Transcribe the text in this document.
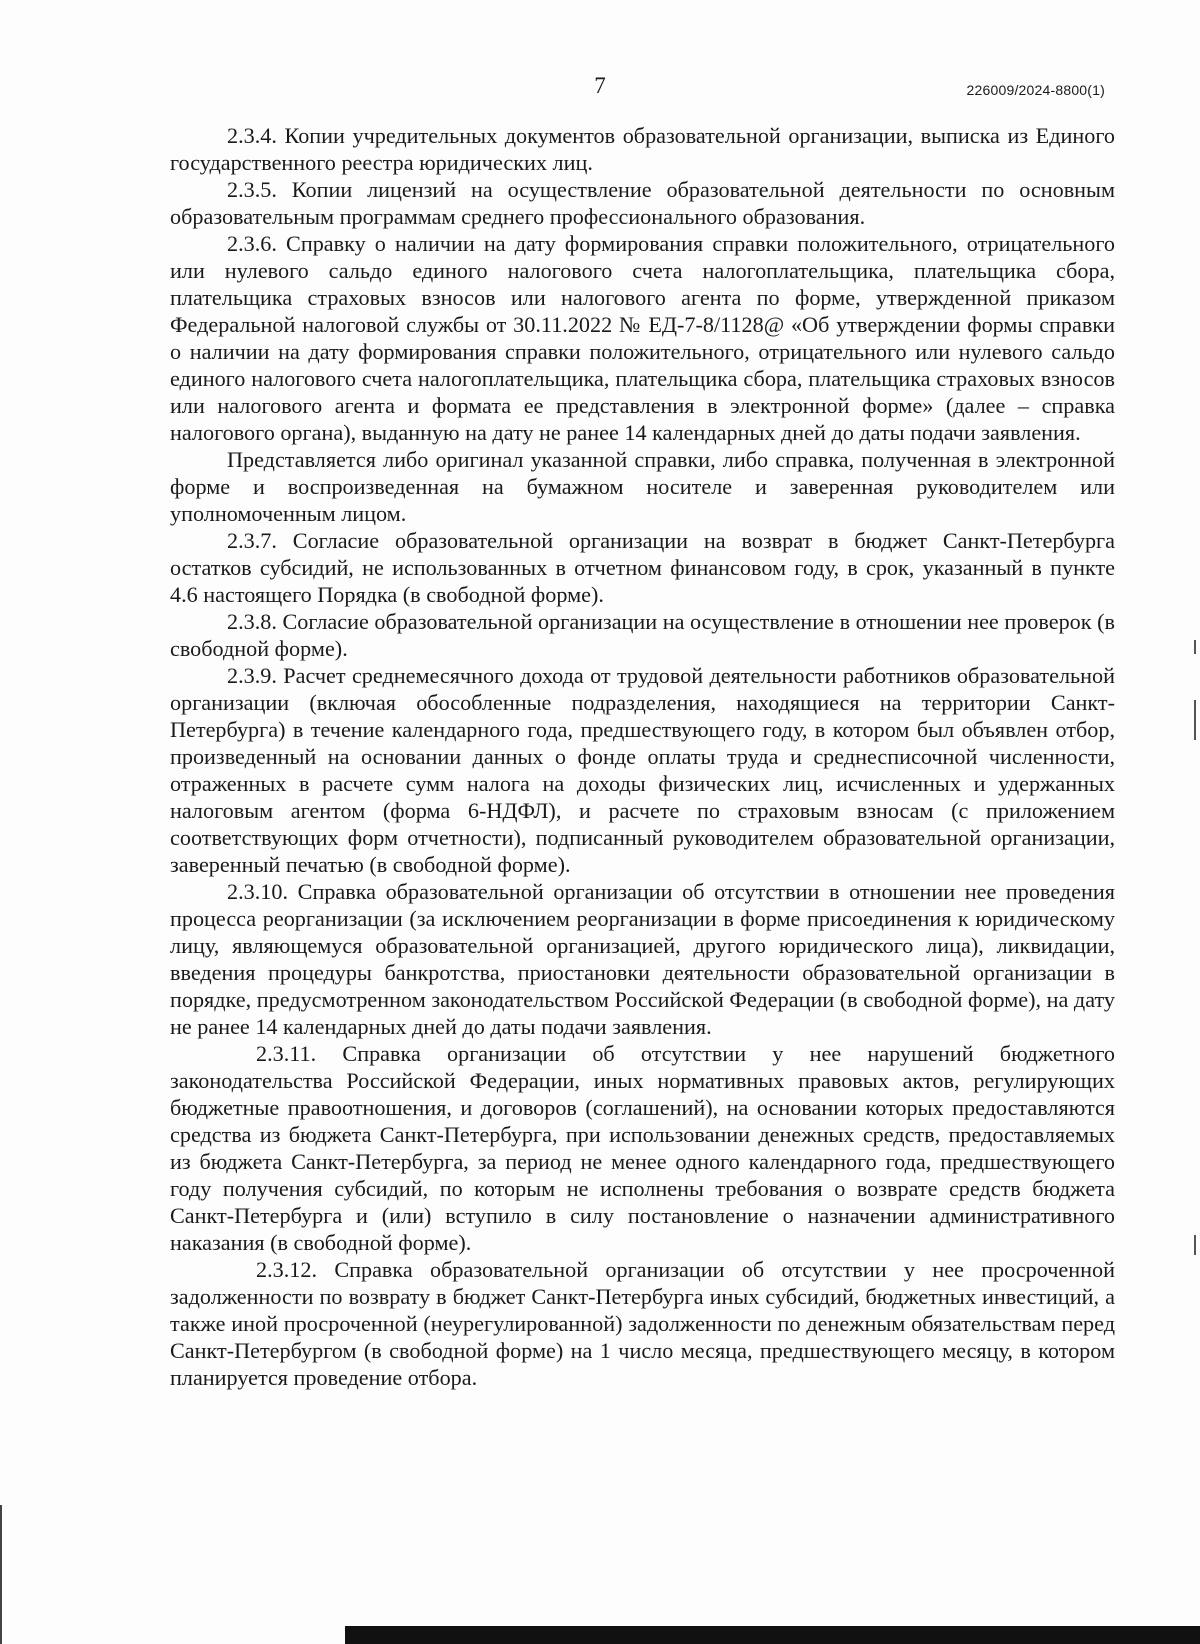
7	226009/2024-8800(1)

2.3.4. Копии учредительных документов образовательной организации, выписка из Единого государственного реестра юридических лиц.

2.3.5. Копии лицензий на осуществление образовательной деятельности по основным образовательным программам среднего профессионального образования.

2.3.6. Справку о наличии на дату формирования справки положительного, отрицательного или нулевого сальдо единого налогового счета налогоплательщика, плательщика сбора, плательщика страховых взносов или налогового агента по форме, утвержденной приказом Федеральной налоговой службы от 30.11.2022 № ЕД-7-8/1128@ «Об утверждении формы справки о наличии на дату формирования справки положительного, отрицательного или нулевого сальдо единого налогового счета налогоплательщика, плательщика сбора, плательщика страховых взносов или налогового агента и формата ее представления в электронной форме» (далее – справка налогового органа), выданную на дату не ранее 14 календарных дней до даты подачи заявления.

Представляется либо оригинал указанной справки, либо справка, полученная в электронной форме и воспроизведенная на бумажном носителе и заверенная руководителем или уполномоченным лицом.

2.3.7. Согласие образовательной организации на возврат в бюджет Санкт-Петербурга остатков субсидий, не использованных в отчетном финансовом году, в срок, указанный в пункте 4.6 настоящего Порядка (в свободной форме).

2.3.8. Согласие образовательной организации на осуществление в отношении нее проверок (в свободной форме).

2.3.9. Расчет среднемесячного дохода от трудовой деятельности работников образовательной организации (включая обособленные подразделения, находящиеся на территории Санкт-Петербурга) в течение календарного года, предшествующего году, в котором был объявлен отбор, произведенный на основании данных о фонде оплаты труда и среднесписочной численности, отраженных в расчете сумм налога на доходы физических лиц, исчисленных и удержанных налоговым агентом (форма 6-НДФЛ), и расчете по страховым взносам (с приложением соответствующих форм отчетности), подписанный руководителем образовательной организации, заверенный печатью (в свободной форме).

2.3.10. Справка образовательной организации об отсутствии в отношении нее проведения процесса реорганизации (за исключением реорганизации в форме присоединения к юридическому лицу, являющемуся образовательной организацией, другого юридического лица), ликвидации, введения процедуры банкротства, приостановки деятельности образовательной организации в порядке, предусмотренном законодательством Российской Федерации (в свободной форме), на дату не ранее 14 календарных дней до даты подачи заявления.

2.3.11. Справка организации об отсутствии у нее нарушений бюджетного законодательства Российской Федерации, иных нормативных правовых актов, регулирующих бюджетные правоотношения, и договоров (соглашений), на основании которых предоставляются средства из бюджета Санкт-Петербурга, при использовании денежных средств, предоставляемых из бюджета Санкт-Петербурга, за период не менее одного календарного года, предшествующего году получения субсидий, по которым не исполнены требования о возврате средств бюджета Санкт-Петербурга и (или) вступило в силу постановление о назначении административного наказания (в свободной форме).

2.3.12. Справка образовательной организации об отсутствии у нее просроченной задолженности по возврату в бюджет Санкт-Петербурга иных субсидий, бюджетных инвестиций, а также иной просроченной (неурегулированной) задолженности по денежным обязательствам перед Санкт-Петербургом (в свободной форме) на 1 число месяца, предшествующего месяцу, в котором планируется проведение отбора.
